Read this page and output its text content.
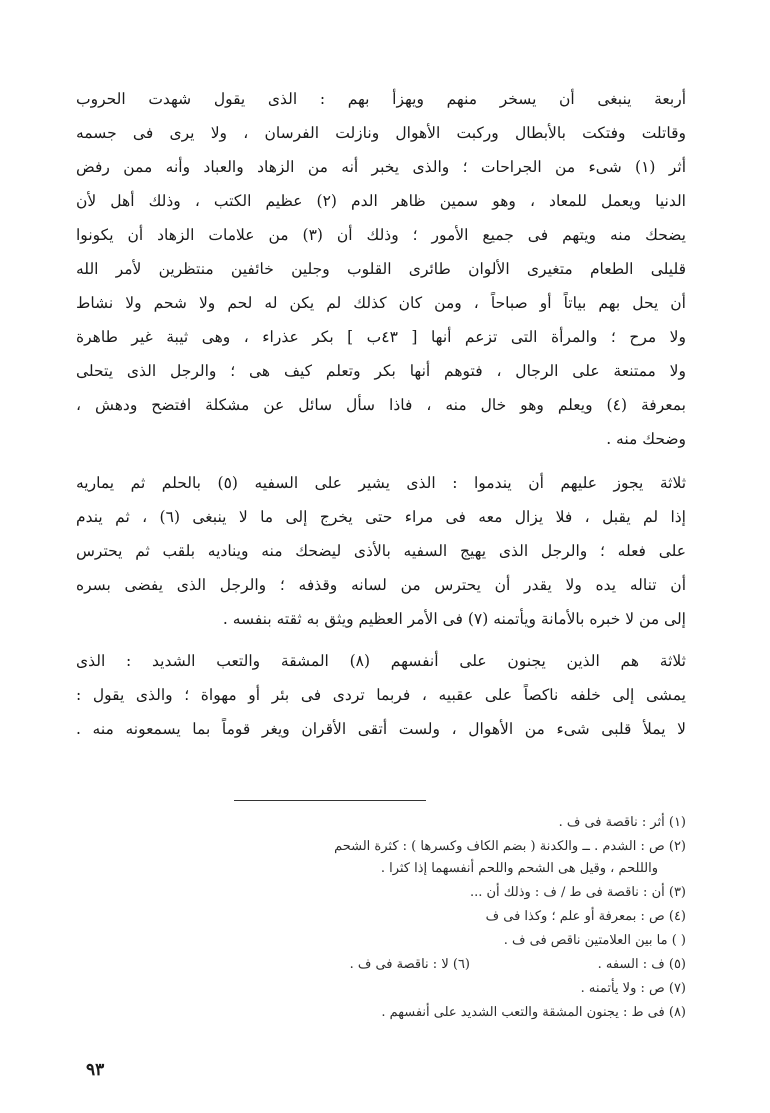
أربعة ينبغى أن يسخر منهم ويهزأ بهم : الذى يقول شهدت الحروب
وقاتلت وفتكت بالأبطال وركبت الأهوال ونازلت الفرسان ، ولا يرى فى جسمه
أثر (١) شىء من الجراحات ؛ والذى يخبر أنه من الزهاد والعباد وأنه ممن رفض
الدنيا ويعمل للمعاد ، وهو سمين ظاهر الدم (٢) عظيم الكتب ، وذلك أهل لأن
يضحك منه ويتهم فى جميع الأمور ؛ وذلك أن (٣) من علامات الزهاد أن يكونوا
قليلى الطعام متغيرى الألوان طائرى القلوب وجلين خائفين منتظرين لأمر الله
أن يحل بهم بياتاً أو صباحاً ، ومن كان كذلك لم يكن له لحم ولا شحم ولا نشاط
ولا مرح ؛ والمرأة التى تزعم أنها [ ٤٣ب ] بكر عذراء ، وهى ثيبة غير طاهرة
ولا ممتنعة على الرجال ، فتوهم أنها بكر وتعلم كيف هى ؛ والرجل الذى يتحلى
بمعرفة (٤) ويعلم وهو خال منه ، فاذا سأل سائل عن مشكلة افتضح ودهش ،
وضحك منه .
ثلاثة يجوز عليهم أن يندموا : الذى يشير على السفيه (٥) بالحلم ثم يماريه
إذا لم يقبل ، فلا يزال معه فى مراء حتى يخرج إلى ما لا ينبغى (٦) ، ثم يندم
على فعله ؛ والرجل الذى يهيج السفيه بالأذى ليضحك منه ويناديه بلقب ثم يحترس
أن تناله يده ولا يقدر أن يحترس من لسانه وقذفه ؛ والرجل الذى يفضى بسره
إلى من لا خبره بالأمانة ويأتمنه (٧) فى الأمر العظيم ويثق به ثقته بنفسه .
ثلاثة هم الذين يجنون على أنفسهم (٨) المشقة والتعب الشديد : الذى
يمشى إلى خلفه ناكصاً على عقبيه ، فربما تردى فى بئر أو مهواة ؛ والذى يقول :
لا يملأ قلبى شىء من الأهوال ، ولست أتقى الأقران ويغر قوماً بما يسمعونه منه .
(١) أثر : ناقصة فى ف .
(٢) ص : الشدم . ــ والكدنة ( بضم الكاف وكسرها ) : كثرة الشحم
والللحم ، وقيل هى الشحم واللحم أنفسهما إذا كثرا .
(٣) أن : ناقصة فى ط / ف : وذلك أن ...
(٤) ص : بمعرفة أو علم ؛ وكذا فى ف
( ) ما بين العلامتين ناقص فى ف .
(٥) ف : السفه .
(٦) لا : ناقصة فى ف .
(٧) ص : ولا يأتمنه .
(٨) فى ط : يجنون المشقة والتعب الشديد على أنفسهم .
٩٣
